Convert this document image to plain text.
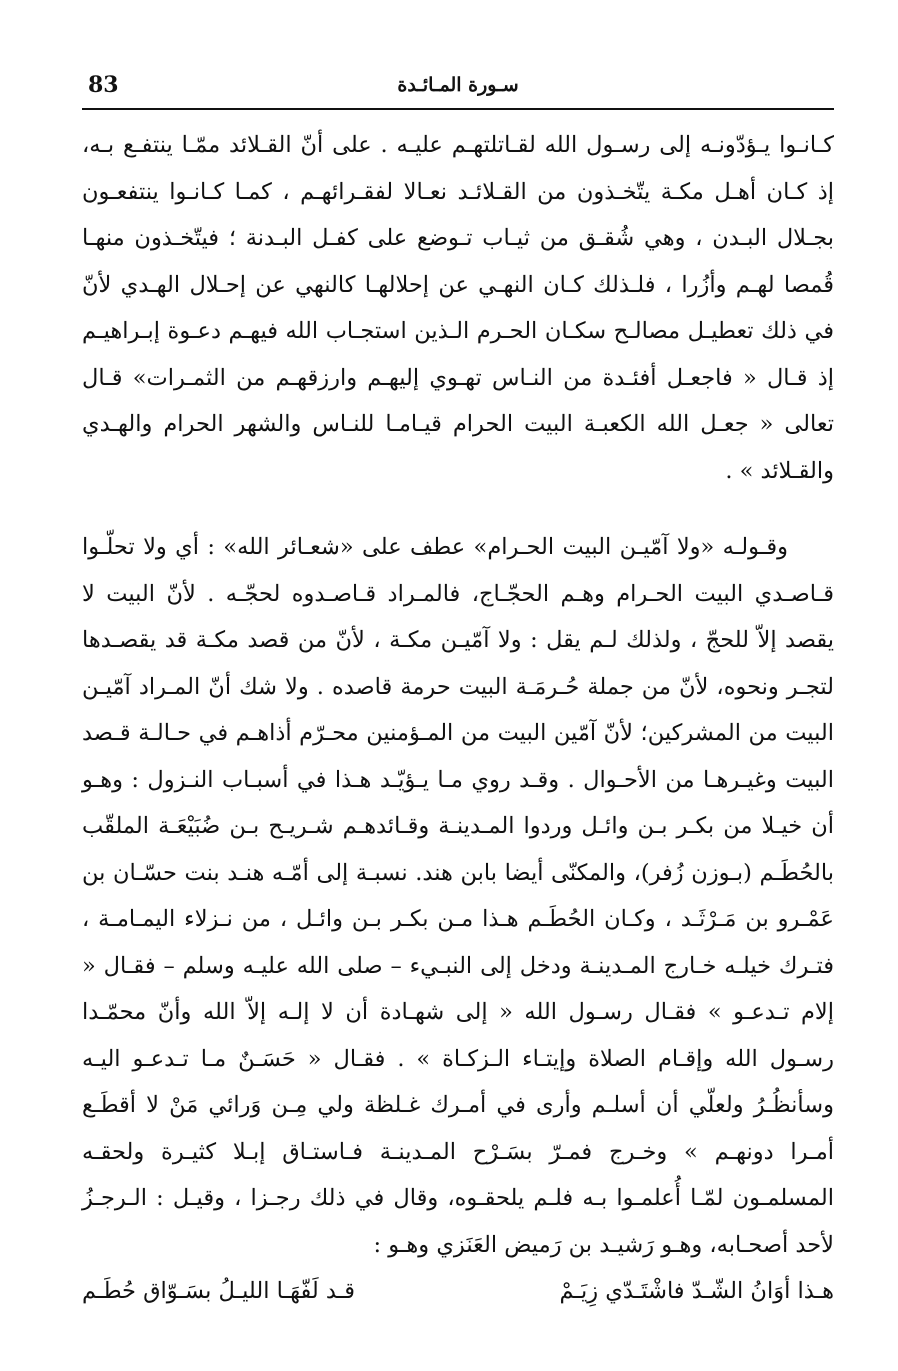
83	سـورة المـائـدة

كـانـوا يـؤدّونـه إلى رسـول الله لقـاتلتهـم عليـه . على أنّ القـلائد ممّـا ينتفـع بـه، إذ كـان أهـل مكـة يتّخـذون من القـلائـد نعـالا لفقـرائهـم ، كمـا كـانـوا ينتفعـون بجـلال البـدن ، وهي شُقـق من ثيـاب تـوضع على كفـل البـدنة ؛ فيتّخـذون منهـا قُمصا لهـم وأزُرا ، فلـذلك كـان النهـي عن إحلالهـا كالنهي عن إحـلال الهـدي لأنّ في ذلك تعطيـل مصالـح سكـان الحـرم الـذين استجـاب الله فيهـم دعـوة إبـراهيـم إذ قـال « فاجعـل أفئـدة من النـاس تهـوي إليهـم وارزقهـم من الثمـرات» قـال تعالى « جعـل الله الكعبـة البيت الحرام قيـامـا للنـاس والشهر الحرام والهـدي والقـلائد » .

وقـولـه «ولا آمّيـن البيت الحـرام» عطف على «شعـائر الله» : أي ولا تحلّـوا قـاصـدي البيت الحـرام وهـم الحجّـاج، فالمـراد قـاصـدوه لحجّـه . لأنّ البيت لا يقصد إلاّ للحجّ ، ولذلك لـم يقل : ولا آمّيـن مكـة ، لأنّ من قصد مكـة قد يقصـدها لتجـر ونحوه، لأنّ من جملة حُـرمَـة البيت حرمة قاصده . ولا شك أنّ المـراد آمّيـن البيت من المشركين؛ لأنّ آمّين البيت من المـؤمنين محـرّم أذاهـم في حـالـة قـصد البيت وغيـرهـا من الأحـوال . وقـد روي مـا يـؤيّـد هـذا في أسبـاب النـزول : وهـو أن خيـلا من بكـر بـن وائـل وردوا المـدينـة وقـائدهـم شـريـح بـن ضُبَيْعَـة الملقّب بالحُطَـم (بـوزن زُفر)، والمكنّى أيضا بابن هند. نسبـة إلى أمّـه هنـد بنت حسّـان بن عَمْـرو بن مَـرْثَـد ، وكـان الحُطَـم هـذا مـن بكـر بـن وائـل ، من نـزلاء اليمـامـة ، فتـرك خيلـه خـارج المـدينـة ودخل إلى النبـيء – صلى الله عليـه وسلم – فقـال « إلام تـدعـو » فقـال رسـول الله « إلى شهـادة أن لا إلـه إلاّ الله وأنّ محمّـدا رسـول الله وإقـام الصلاة وإيتـاء الـزكـاة » . فقـال « حَسَـنٌ مـا تـدعـو اليـه وسأنظُـرُ ولعلّي أن أسلـم وأرى في أمـرك غـلظة ولي مِـن وَرائي مَنْ لا أقطَـع أمـرا دونهـم » وخـرج فمـرّ بسَـرْح المـدينـة فـاستـاق إبـلا كثيـرة ولحقـه المسلمـون لمّـا أُعلمـوا بـه فلـم يلحقـوه، وقال في ذلك رجـزا ، وقيـل : الـرجـزُ لأحد أصحـابه، وهـو رَشيـد بن رَميض العَنَزي وهـو :

هـذا أوَانُ الشّـدّ فاشْتَـدّي زِيَـمْ
قـد لَفّهَـا الليـلُ بسَـوّاق حُطَـم
